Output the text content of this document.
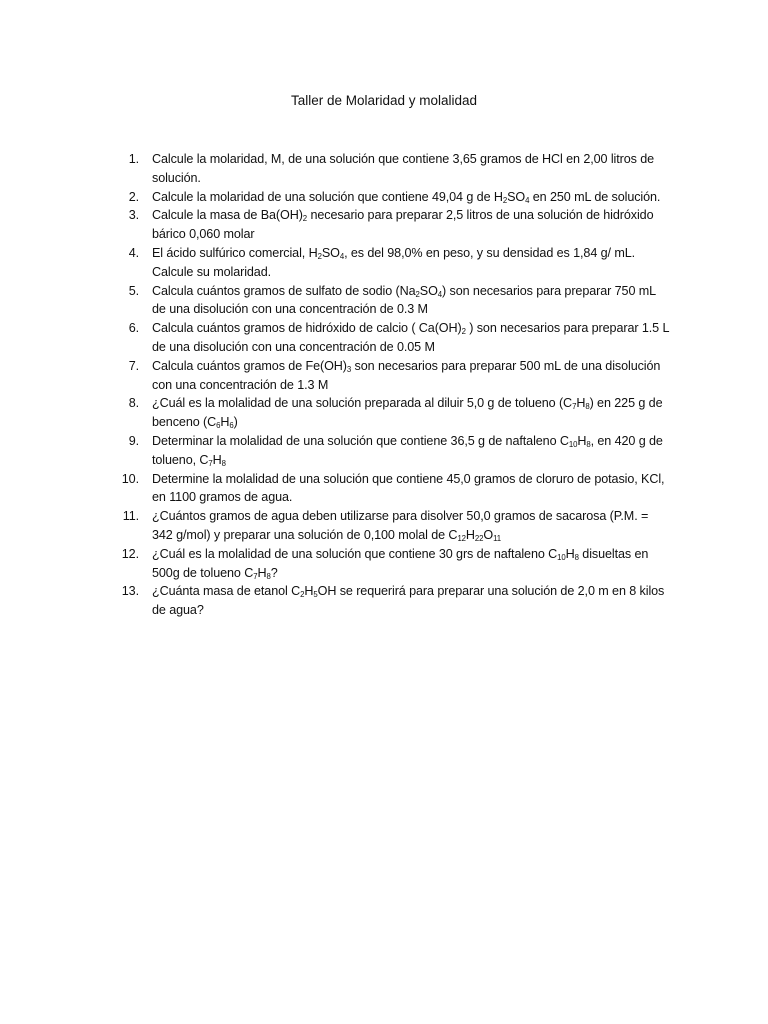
Taller de Molaridad y molalidad
1. Calcule la molaridad, M, de una solución que contiene 3,65 gramos de HCl en 2,00 litros de solución.
2. Calcule la molaridad de una solución que contiene 49,04 g de $H_2SO_4$ en 250 mL de solución.
3. Calcule la masa de $Ba(OH)_2$ necesario para preparar 2,5 litros de una solución de hidróxido bárico 0,060 molar
4. El ácido sulfúrico comercial, $H_2SO_4$, es del 98,0% en peso, y su densidad es 1,84 g/ mL. Calcule su molaridad.
5. Calcula cuántos gramos de sulfato de sodio $(Na_2SO_4)$ son necesarios para preparar 750 mL de una disolución con una concentración de 0.3 M
6. Calcula cuántos gramos de hidróxido de calcio ( $Ca(OH)_2$ ) son necesarios para preparar 1.5 L de una disolución con una concentración de 0.05 M
7. Calcula cuántos gramos de $Fe(OH)_3$ son necesarios para preparar 500 mL de una disolución con una concentración de 1.3 M
8. ¿Cuál es la molalidad de una solución preparada al diluir 5,0 g de tolueno $(C_7H_8)$ en 225 g de benceno $(C_6H_6)$
9. Determinar la molalidad de una solución que contiene 36,5 g de naftaleno $C_{10}H_8$, en 420 g de tolueno, $C_7H_8$
10. Determine la molalidad de una solución que contiene 45,0 gramos de cloruro de potasio, KCl, en 1100 gramos de agua.
11. ¿Cuántos gramos de agua deben utilizarse para disolver 50,0 gramos de sacarosa (P.M. = 342 g/mol) y preparar una solución de 0,100 molal de $C_{12}H_{22}O_{11}$
12. ¿Cuál es la molalidad de una solución que contiene 30 grs de naftaleno $C_{10}H_8$ disueltas en 500g de tolueno $C_7H_8$?
13. ¿Cuánta masa de etanol $C_2H_5OH$ se requerirá para preparar una solución de 2,0 m en 8 kilos de agua?
